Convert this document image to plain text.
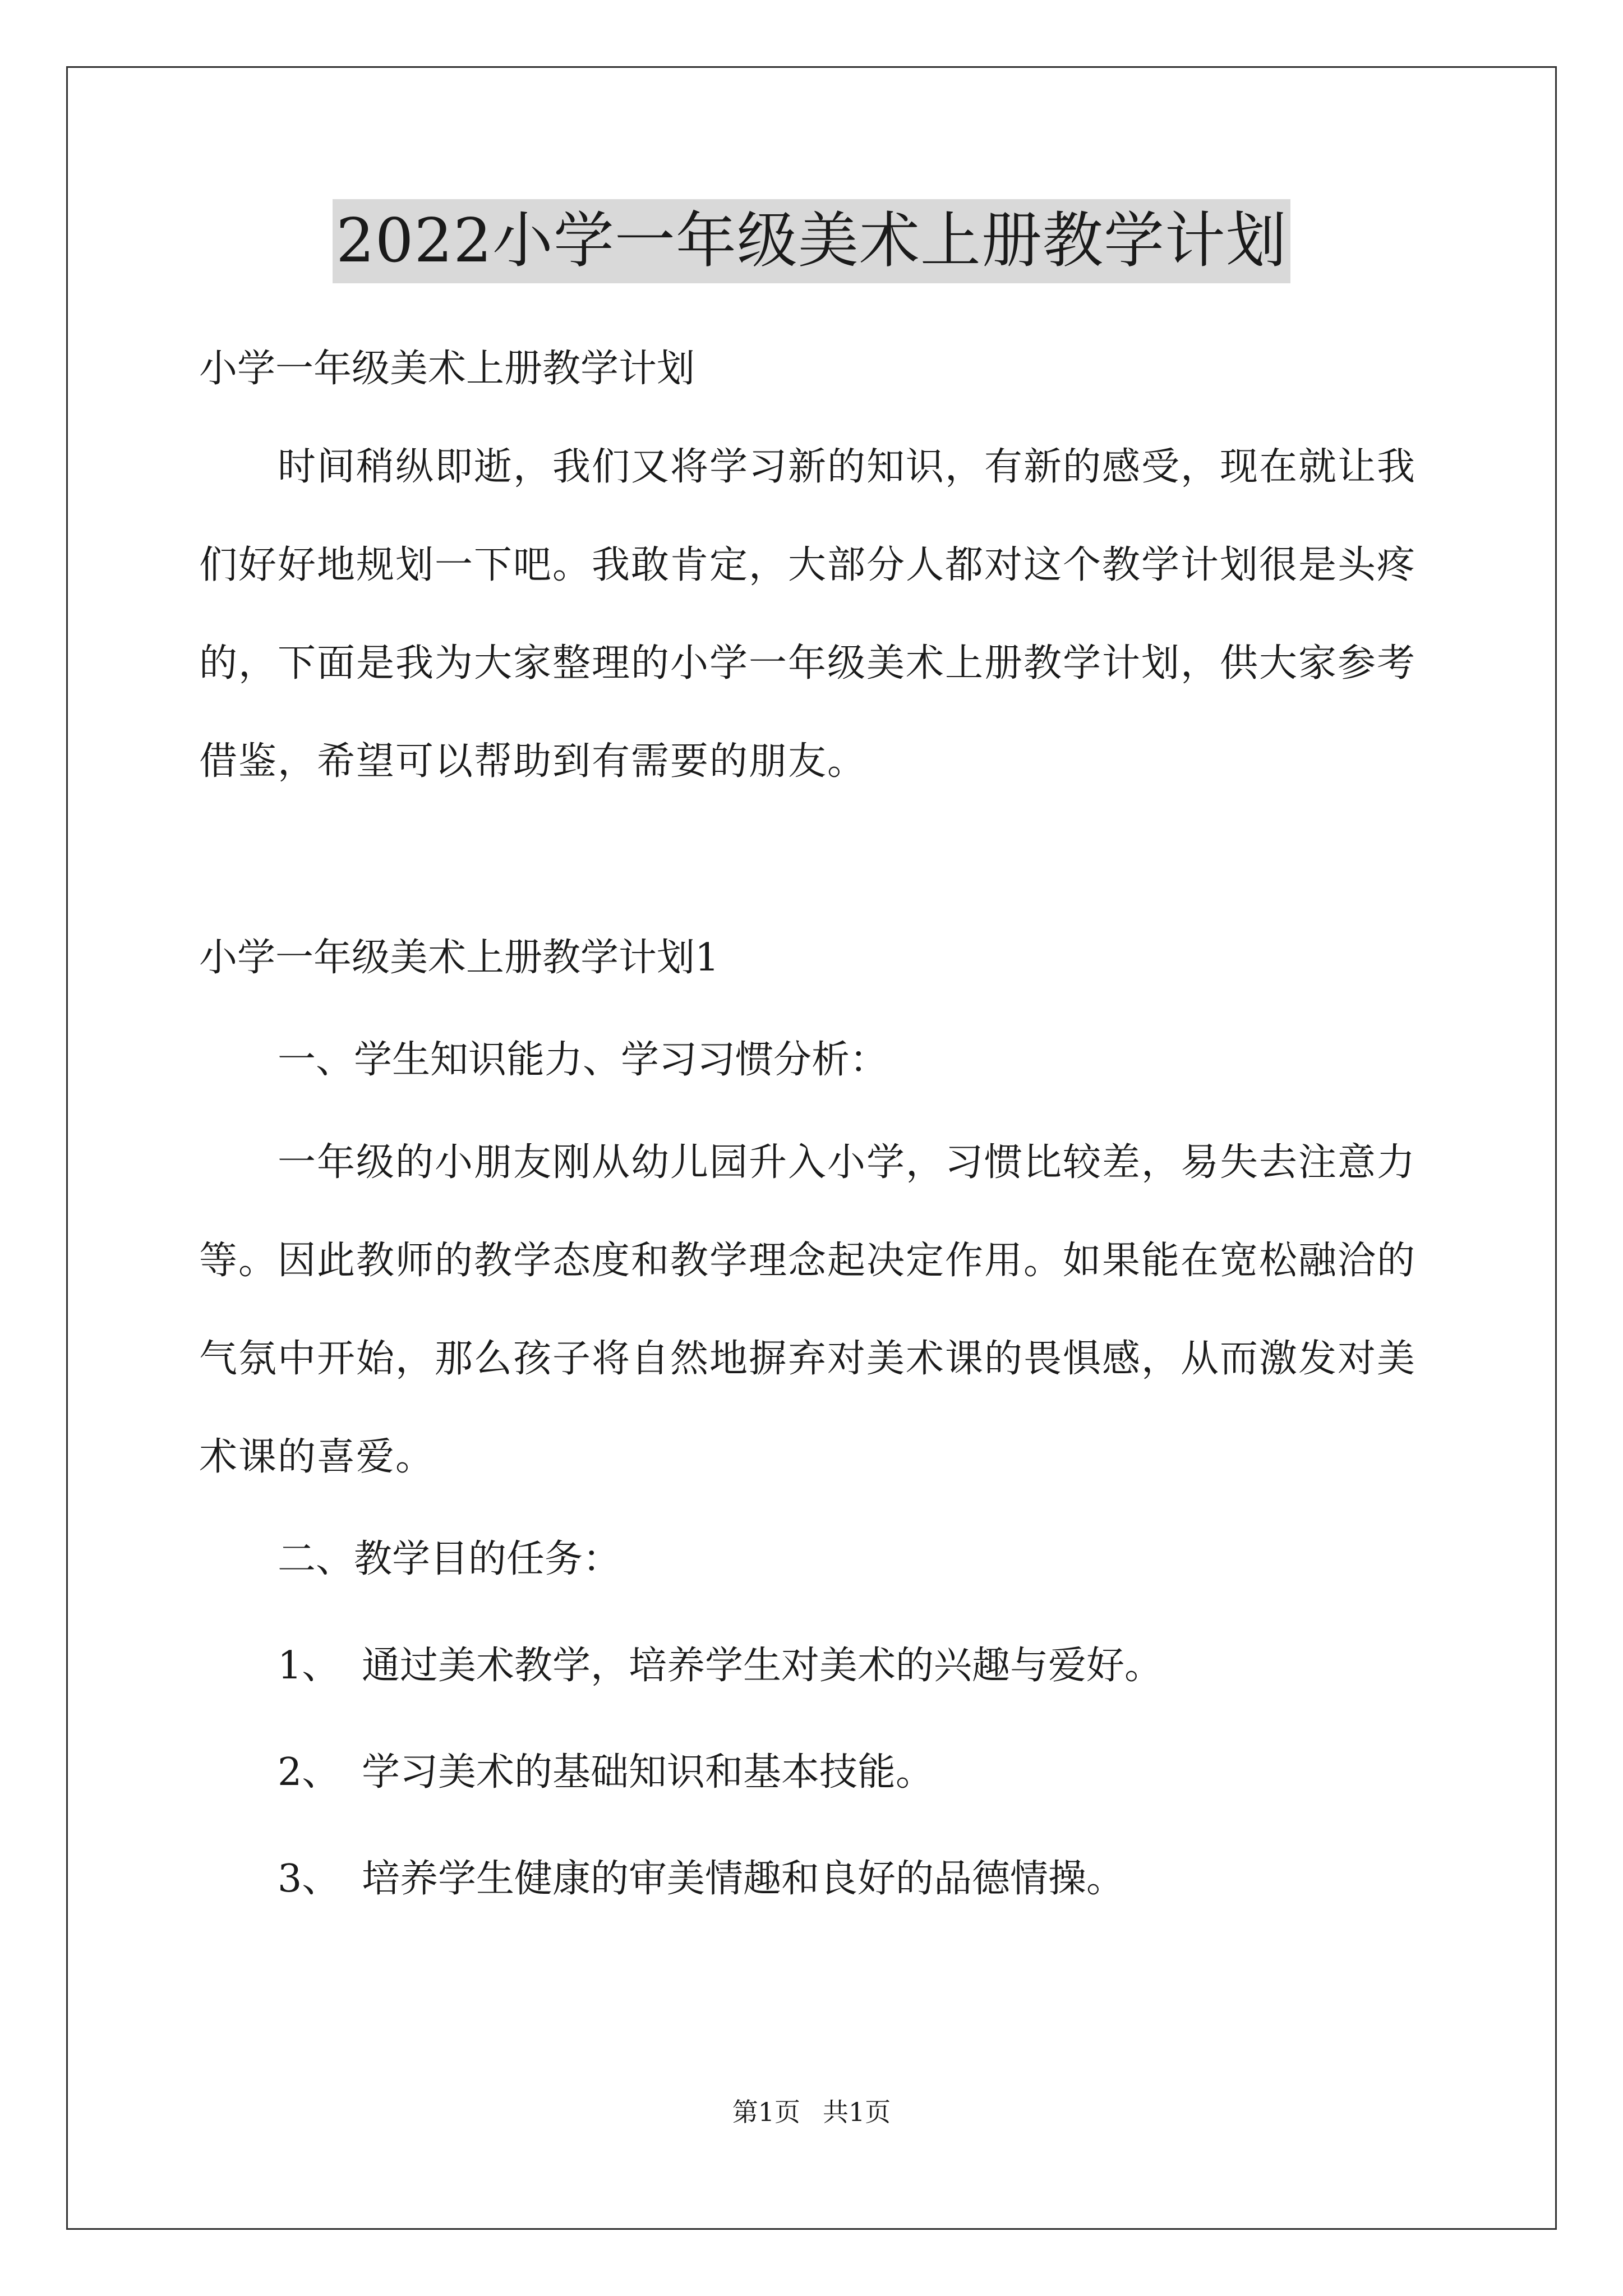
2022小学一年级美术上册教学计划

小学一年级美术上册教学计划

时间稍纵即逝，我们又将学习新的知识，有新的感受，现在就让我们好好地规划一下吧。我敢肯定，大部分人都对这个教学计划很是头疼的，下面是我为大家整理的小学一年级美术上册教学计划，供大家参考借鉴，希望可以帮助到有需要的朋友。

小学一年级美术上册教学计划1

一、学生知识能力、学习习惯分析：

一年级的小朋友刚从幼儿园升入小学，习惯比较差，易失去注意力等。因此教师的教学态度和教学理念起决定作用。如果能在宽松融洽的气氛中开始，那么孩子将自然地摒弃对美术课的畏惧感，从而激发对美术课的喜爱。

二、教学目的任务：

1、 通过美术教学，培养学生对美术的兴趣与爱好。

2、 学习美术的基础知识和基本技能。

3、 培养学生健康的审美情趣和良好的品德情操。

第1页 共1页
